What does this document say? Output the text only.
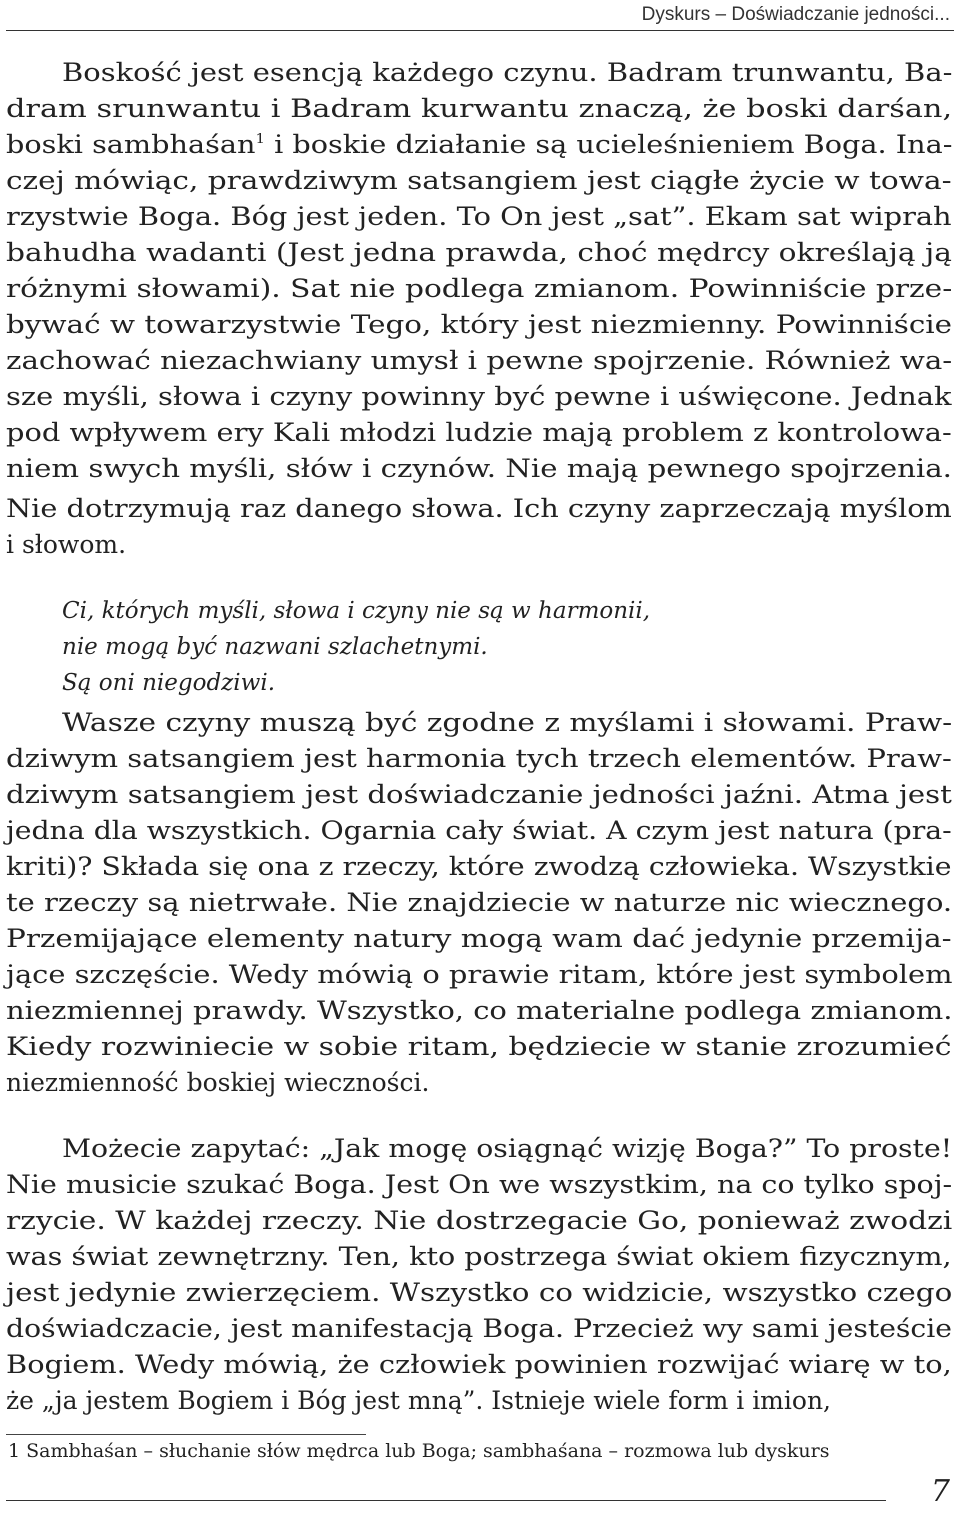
Dyskurs – Doświadczanie jedności...
Boskość jest esencją każdego czynu. Badram trunwantu, Ba-
dram srunwantu i Badram kurwantu znaczą, że boski darśan,
boski sambhaśan$^1$ i boskie działanie są ucieleśnieniem Boga. Ina-
czej mówiąc, prawdziwym satsangiem jest ciągłe życie w towa-
rzystwie Boga. Bóg jest jeden. To On jest „sat”. Ekam sat wiprah
bahudha wadanti (Jest jedna prawda, choć mędrcy określają ją
różnymi słowami). Sat nie podlega zmianom. Powinniście prze-
bywać w towarzystwie Tego, który jest niezmienny. Powinniście
zachować niezachwiany umysł i pewne spojrzenie. Również wa-
sze myśli, słowa i czyny powinny być pewne i uświęcone. Jednak
pod wpływem ery Kali młodzi ludzie mają problem z kontrolowa-
niem swych myśli, słów i czynów. Nie mają pewnego spojrzenia.
Nie dotrzymują raz danego słowa. Ich czyny zaprzeczają myślom
i słowom.
Ci, których myśli, słowa i czyny nie są w harmonii,
nie mogą być nazwani szlachetnymi.
Są oni niegodziwi.
Wasze czyny muszą być zgodne z myślami i słowami. Praw-
dziwym satsangiem jest harmonia tych trzech elementów. Praw-
dziwym satsangiem jest doświadczanie jedności jaźni. Atma jest
jedna dla wszystkich. Ogarnia cały świat. A czym jest natura (pra-
kriti)? Składa się ona z rzeczy, które zwodzą człowieka. Wszystkie
te rzeczy są nietrwałe. Nie znajdziecie w naturze nic wiecznego.
Przemijające elementy natury mogą wam dać jedynie przemija-
jące szczęście. Wedy mówią o prawie ritam, które jest symbolem
niezmiennej prawdy. Wszystko, co materialne podlega zmianom.
Kiedy rozwiniecie w sobie ritam, będziecie w stanie zrozumieć
niezmienność boskiej wieczności.
Możecie zapytać: „Jak mogę osiągnąć wizję Boga?” To proste!
Nie musicie szukać Boga. Jest On we wszystkim, na co tylko spoj-
rzycie. W każdej rzeczy. Nie dostrzegacie Go, ponieważ zwodzi
was świat zewnętrzny. Ten, kto postrzega świat okiem fizycznym,
jest jedynie zwierzęciem. Wszystko co widzicie, wszystko czego
doświadczacie, jest manifestacją Boga. Przecież wy sami jesteście
Bogiem. Wedy mówią, że człowiek powinien rozwijać wiarę w to,
że „ja jestem Bogiem i Bóg jest mną”. Istnieje wiele form i imion,
1 Sambhaśan – słuchanie słów mędrca lub Boga; sambhaśana – rozmowa lub dyskurs
7
